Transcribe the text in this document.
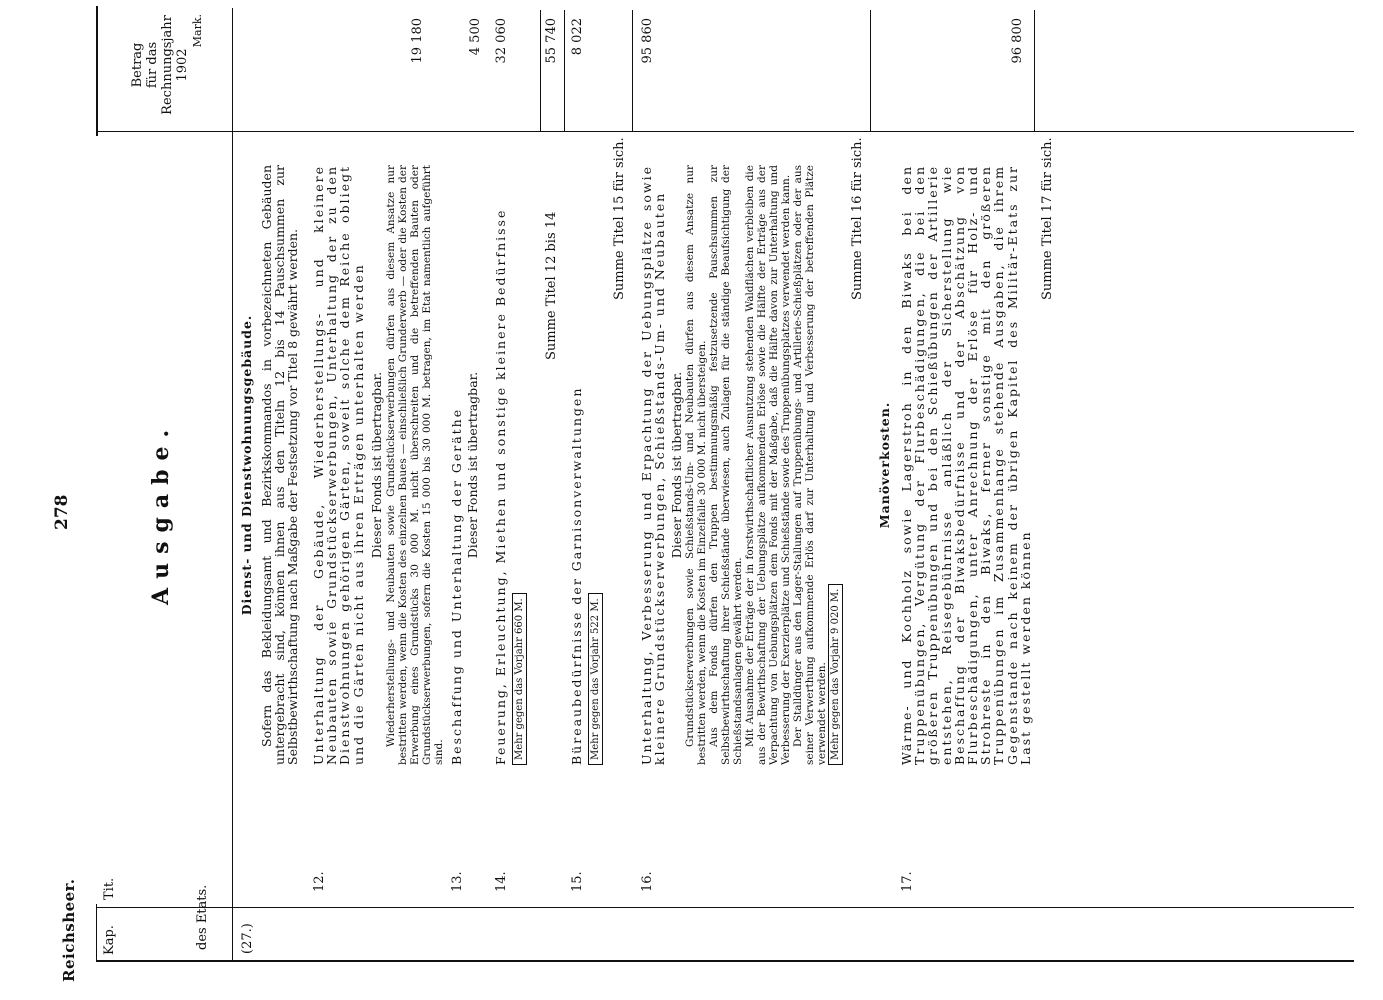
Reichsheer.
278	Ausgabe.
Kap.
Tit.	des Etats.
Betrag für das Rechnungsjahr 1902
Mark.
(27.)
Dienst- und Dienstwohnungsgebäude. Sofern das Bekleidungsamt und Bezirkskommandos in vorbezeichneten Gebäuden untergebracht sind, können ihnen aus den Titeln 12 bis 14 Pauschsummen zur Selbstbewirthschaftung nach Maßgabe der Festsetzung vor Titel 8 gewährt werden.
12.
Unterhaltung der Gebäude, Wiederherstellungs- und kleinere Neubauten sowie Grundstückserwerbungen, Unterhaltung der zu den Dienstwohnungen gehörigen Gärten, soweit solche dem Reiche obliegt und die Gärten nicht aus ihren Erträgen unterhalten werden Dieser Fonds ist übertragbar. Wiederherstellungs- und Neubauten sowie Grundstückserwerbungen dürfen aus diesem Ansatze nur bestritten werden, wenn die Kosten des einzelnen Baues — einschließlich Grunderwerb — oder die Kosten der Erwerbung eines Grundstücks 30 000 M. nicht überschreiten und die betreffenden Bauten oder Grundstückserwerbungen, sofern die Kosten 15 000 bis 30 000 M. betragen, im Etat namentlich aufgeführt sind.
19 180
13.
Beschaffung und Unterhaltung der Geräthe Dieser Fonds ist übertragbar.
4 500
14.
Feuerung, Erleuchtung, Miethen und sonstige kleinere Bedürfnisse Mehr gegen das Vorjahr 660 M.
32 060
Summe Titel 12 bis 14
55 740
15.
Büreaubedürfnisse der Garnisonverwaltungen Mehr gegen das Vorjahr 522 M.
8 022
Summe Titel 15 für sich.
16.
Unterhaltung, Verbesserung und Erpachtung der Uebungsplätze sowie kleinere Grundstückserwerbungen, Schießstands-Um- und Neubauten Dieser Fonds ist übertragbar. Grundstückserwerbungen sowie Schießstands-Um- und Neubauten dürfen aus diesem Ansatze nur bestritten werden, wenn die Kosten im Einzelfalle 30 000 M. nicht übersteigen. Aus dem Fonds dürfen den Truppen bestimmungsmäßig festzusetzende Pauschsummen zur Selbstbewirthschaftung ihrer Schießstände überwiesen, auch Zulagen für die ständige Beaufsichtigung der Schießstandsanlagen gewährt werden. Mit Ausnahme der Erträge der in forstwirthschaftlicher Ausnutzung stehenden Waldflächen verbleiben die aus der Bewirthschaftung der Uebungsplätze aufkommenden Erlöse sowie die Hälfte der Erträge aus der Verpachtung von Uebungsplätzen dem Fonds mit der Maßgabe, daß die Hälfte davon zur Unterhaltung und Verbesserung der Exerzierplätze und Schießstände sowie des Truppenübungsplatzes verwendet werden kann. Der Stalldünger aus den Lager-Stallungen auf Truppenübungs- und Artillerie-Schießplätzen oder der aus seiner Verwerthung aufkommende Erlös darf zur Unterhaltung und Verbesserung der betreffenden Plätze verwendet werden. Mehr gegen das Vorjahr 9 020 M.
95 860
Summe Titel 16 für sich.
Manöverkosten.
17.
Wärme- und Kochholz sowie Lagerstroh in den Biwaks bei den Truppenübungen, Vergütung der Flurbeschädigungen, die bei den größeren Truppenübungen und bei den Schießübungen der Artillerie entstehen, Reisegebührnisse anläßlich der Sicherstellung wie Beschaffung der Biwaksbedürfnisse und der Abschätzung von Flurbeschädigungen, unter Anrechnung der Erlöse für Holz- und Strohreste in den Biwaks, ferner sonstige mit den größeren Truppenübungen im Zusammenhange stehende Ausgaben, die ihrem Gegenstande nach keinem der übrigen Kapitel des Militär-Etats zur Last gestellt werden können
96 800
Summe Titel 17 für sich.
